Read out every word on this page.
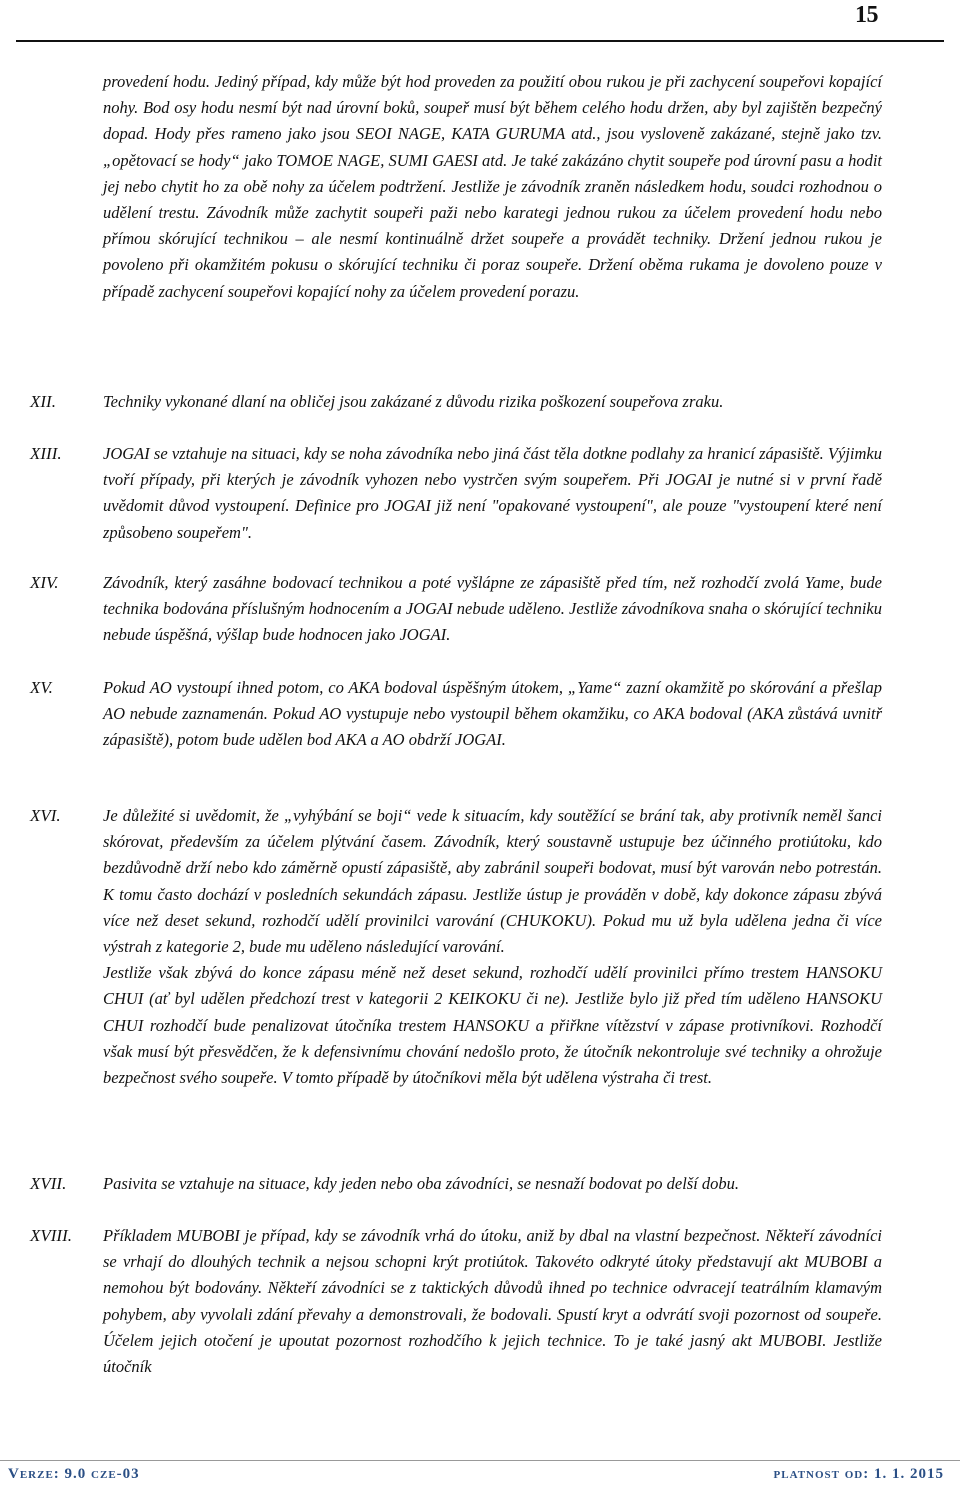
15

provedení hodu. Jediný případ, kdy může být hod proveden za použití obou rukou je při zachycení soupeřovi kopající nohy. Bod osy hodu nesmí být nad úrovní boků, soupeř musí být během celého hodu držen, aby byl zajištěn bezpečný dopad. Hody přes rameno jako jsou SEOI NAGE, KATA GURUMA atd., jsou vysloveně zakázané, stejně jako tzv. „opětovací se hody“ jako TOMOE NAGE, SUMI GAESI atd. Je také zakázáno chytit soupeře pod úrovní pasu a hodit jej nebo chytit ho za obě nohy za účelem podtržení. Jestliže je závodník zraněn následkem hodu, soudci rozhodnou o udělení trestu. Závodník může zachytit soupeři paži nebo karategi jednou rukou za účelem provedení hodu nebo přímou skórující technikou – ale nesmí kontinuálně držet soupeře a provádět techniky. Držení jednou rukou je povoleno při okamžitém pokusu o skórující techniku či poraz soupeře. Držení oběma rukama je dovoleno pouze v případě zachycení soupeřovi kopající nohy za účelem provedení porazu.

XII.	Techniky vykonané dlaní na obličej jsou zakázané z důvodu rizika poškození soupeřova zraku.

XIII.	JOGAI se vztahuje na situaci, kdy se noha závodníka nebo jiná část těla dotkne podlahy za hranicí zápasiště. Výjimku tvoří případy, při kterých je závodník vyhozen nebo vystrčen svým soupeřem. Při JOGAI je nutné si v první řadě uvědomit důvod vystoupení. Definice pro JOGAI již není "opakované vystoupení", ale pouze "vystoupení které není způsobeno soupeřem".

XIV.	Závodník, který zasáhne bodovací technikou a poté vyšlápne ze zápasiště před tím, než rozhodčí zvolá Yame, bude technika bodována příslušným hodnocením a JOGAI nebude uděleno. Jestliže závodníkova snaha o skórující techniku nebude úspěšná, výšlap bude hodnocen jako JOGAI.

XV.	Pokud AO vystoupí ihned potom, co AKA bodoval úspěšným útokem, „Yame“ zazní okamžitě po skórování a přešlap AO nebude zaznamenán. Pokud AO vystupuje nebo vystoupil během okamžiku, co AKA bodoval (AKA zůstává uvnitř zápasiště), potom bude udělen bod AKA a AO obdrží JOGAI.

XVI.	Je důležité si uvědomit, že „vyhýbání se boji“ vede k situacím, kdy soutěžící se brání tak, aby protivník neměl šanci skórovat, především za účelem plýtvání časem. Závodník, který soustavně ustupuje bez účinného protiútoku, kdo bezdůvodně drží nebo kdo záměrně opustí zápasiště, aby zabránil soupeři bodovat, musí být varován nebo potrestán. K tomu často dochází v posledních sekundách zápasu. Jestliže ústup je prováděn v době, kdy dokonce zápasu zbývá více než deset sekund, rozhodčí udělí provinilci varování (CHUKOKU). Pokud mu už byla udělena jedna či více výstrah z kategorie 2, bude mu uděleno následující varování.

Jestliže však zbývá do konce zápasu méně než deset sekund, rozhodčí udělí provinilci přímo trestem HANSOKU CHUI (ať byl udělen předchozí trest v kategorii 2 KEIKOKU či ne). Jestliže bylo již před tím uděleno HANSOKU CHUI rozhodčí bude penalizovat útočníka trestem HANSOKU a přiřkne vítězství v zápase protivníkovi. Rozhodčí však musí být přesvědčen, že k defensivnímu chování nedošlo proto, že útočník nekontroluje své techniky a ohrožuje bezpečnost svého soupeře. V tomto případě by útočníkovi měla být udělena výstraha či trest.

XVII. Pasivita se vztahuje na situace, kdy jeden nebo oba závodníci, se nesnaží bodovat po delší dobu.

XVIII. Příkladem MUBOBI je případ, kdy se závodník vrhá do útoku, aniž by dbal na vlastní bezpečnost. Někteří závodníci se vrhají do dlouhých technik a nejsou schopni krýt protiútok. Takovéto odkryté útoky představují akt MUBOBI a nemohou být bodovány. Někteří závodníci se z taktických důvodů ihned po technice odvracejí teatrálním klamavým pohybem, aby vyvolali zdání převahy a demonstrovali, že bodovali. Spustí kryt a odvrátí svoji pozornost od soupeře. Účelem jejich otočení je upoutat pozornost rozhodčího k jejich technice. To je také jasný akt MUBOBI. Jestliže útočník

Verze: 9.0 cze-03	platnost od: 1. 1. 2015
